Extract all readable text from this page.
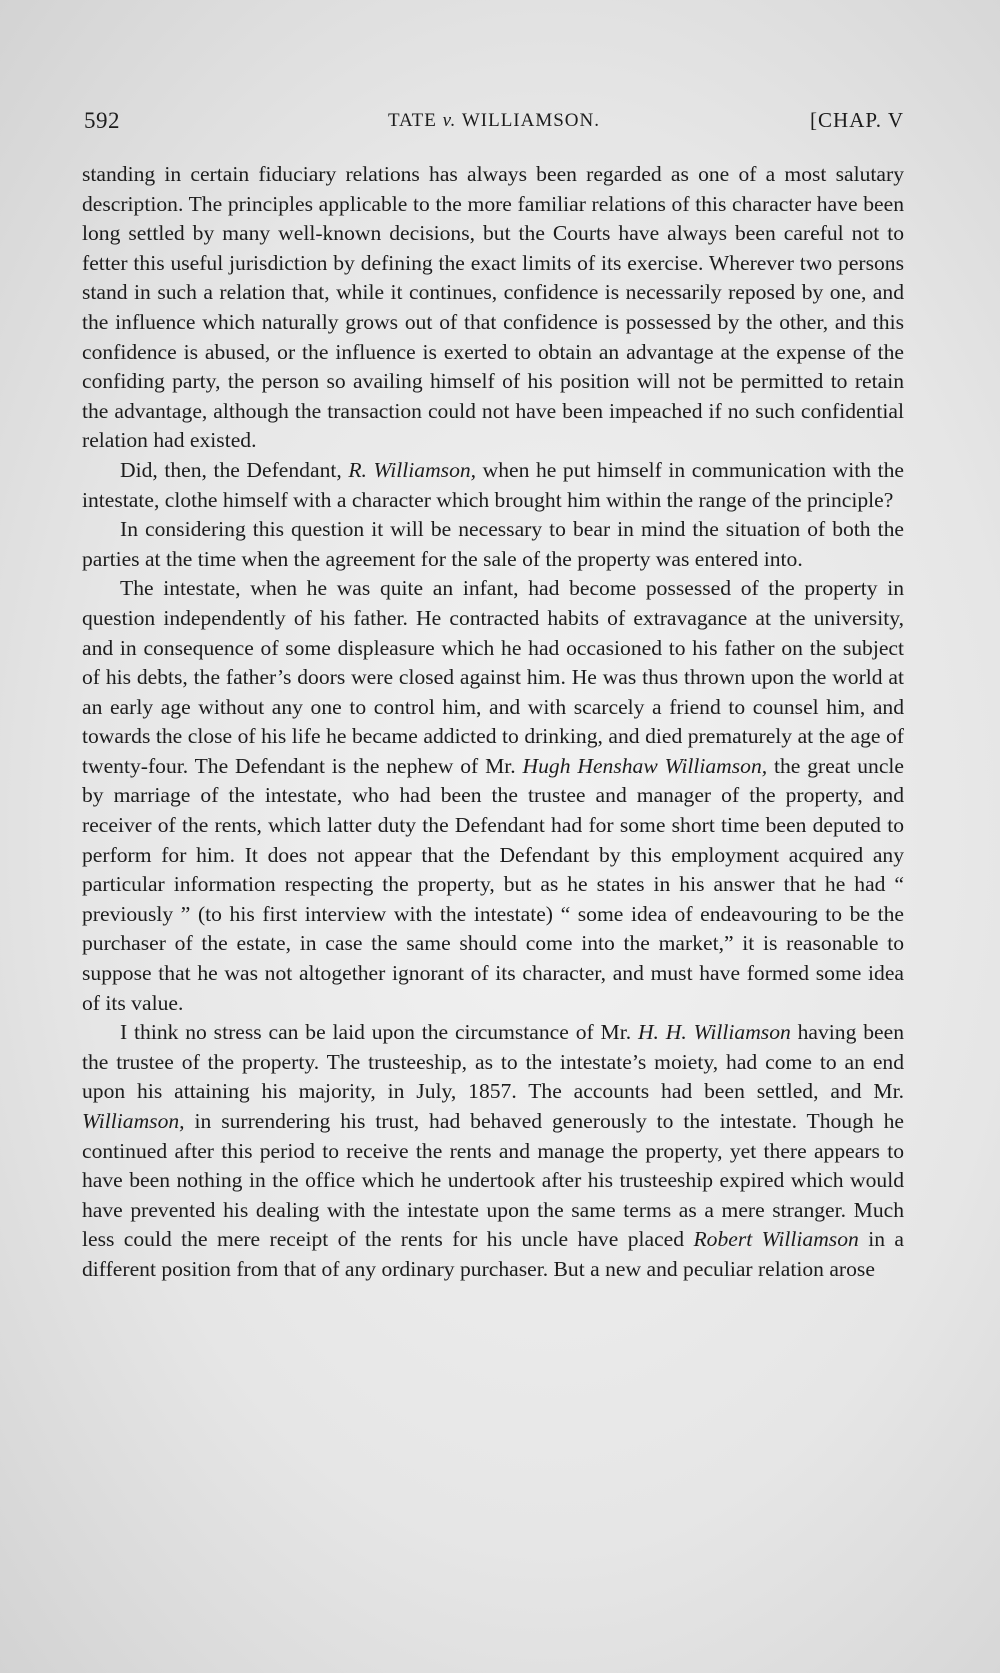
592	TATE v. WILLIAMSON.	[CHAP. V

standing in certain fiduciary relations has always been regarded as one of a most salutary description. The principles applicable to the more familiar relations of this character have been long settled by many well-known decisions, but the Courts have always been careful not to fetter this useful jurisdiction by defining the exact limits of its exercise. Wherever two persons stand in such a relation that, while it continues, confidence is necessarily reposed by one, and the influence which naturally grows out of that confidence is possessed by the other, and this confidence is abused, or the influence is exerted to obtain an advantage at the expense of the confiding party, the person so availing himself of his position will not be permitted to retain the advantage, although the transaction could not have been impeached if no such confidential relation had existed.

Did, then, the Defendant, R. Williamson, when he put himself in communication with the intestate, clothe himself with a character which brought him within the range of the principle?

In considering this question it will be necessary to bear in mind the situation of both the parties at the time when the agreement for the sale of the property was entered into.

The intestate, when he was quite an infant, had become possessed of the property in question independently of his father. He contracted habits of extravagance at the university, and in consequence of some displeasure which he had occasioned to his father on the subject of his debts, the father’s doors were closed against him. He was thus thrown upon the world at an early age without any one to control him, and with scarcely a friend to counsel him, and towards the close of his life he became addicted to drinking, and died prematurely at the age of twenty-four. The Defendant is the nephew of Mr. Hugh Henshaw Williamson, the great uncle by marriage of the intestate, who had been the trustee and manager of the property, and receiver of the rents, which latter duty the Defendant had for some short time been deputed to perform for him. It does not appear that the Defendant by this employment acquired any particular information respecting the property, but as he states in his answer that he had “ previously ” (to his first interview with the intestate) “ some idea of endeavouring to be the purchaser of the estate, in case the same should come into the market,” it is reasonable to suppose that he was not altogether ignorant of its character, and must have formed some idea of its value.

I think no stress can be laid upon the circumstance of Mr. H. H. Williamson having been the trustee of the property. The trusteeship, as to the intestate’s moiety, had come to an end upon his attaining his majority, in July, 1857. The accounts had been settled, and Mr. Williamson, in surrendering his trust, had behaved generously to the intestate. Though he continued after this period to receive the rents and manage the property, yet there appears to have been nothing in the office which he undertook after his trusteeship expired which would have prevented his dealing with the intestate upon the same terms as a mere stranger. Much less could the mere receipt of the rents for his uncle have placed Robert Williamson in a different position from that of any ordinary purchaser. But a new and peculiar relation arose
